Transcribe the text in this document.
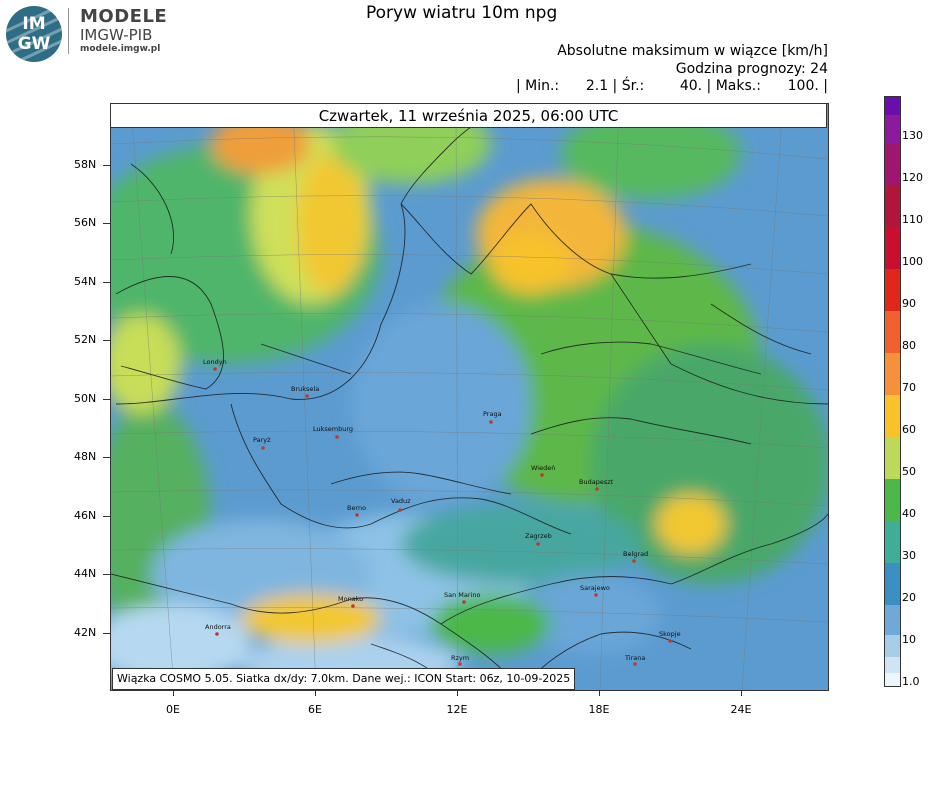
IM
GW
MODELE
IMGW-PIB
modele.imgw.pl
Poryw wiatru 10m npg
Absolutne maksimum w wiązce [km/h]
Godzina prognozy: 24
| Min.:      2.1 | Śr.:        40. | Maks.:      100. |
Londyn
Bruksela
Paryż
Luksemburg
Berno
Vaduz
Praga
Wiedeń
Budapeszt
Zagrzeb
Belgrad
Sarajewo
San Marino
Monako
Andorra
Rzym
Skopje
Tirana
Czwartek, 11 września 2025, 06:00 UTC
Wiązka COSMO 5.05. Siatka dx/dy: 7.0km. Dane wej.: ICON Start: 06z, 10-09-2025
58N
56N
54N
52N
50N
48N
46N
44N
42N
0E	6E	12E	18E	24E
130
120
110
100
90
80
70
60
50
40
30
20
10
1.0
